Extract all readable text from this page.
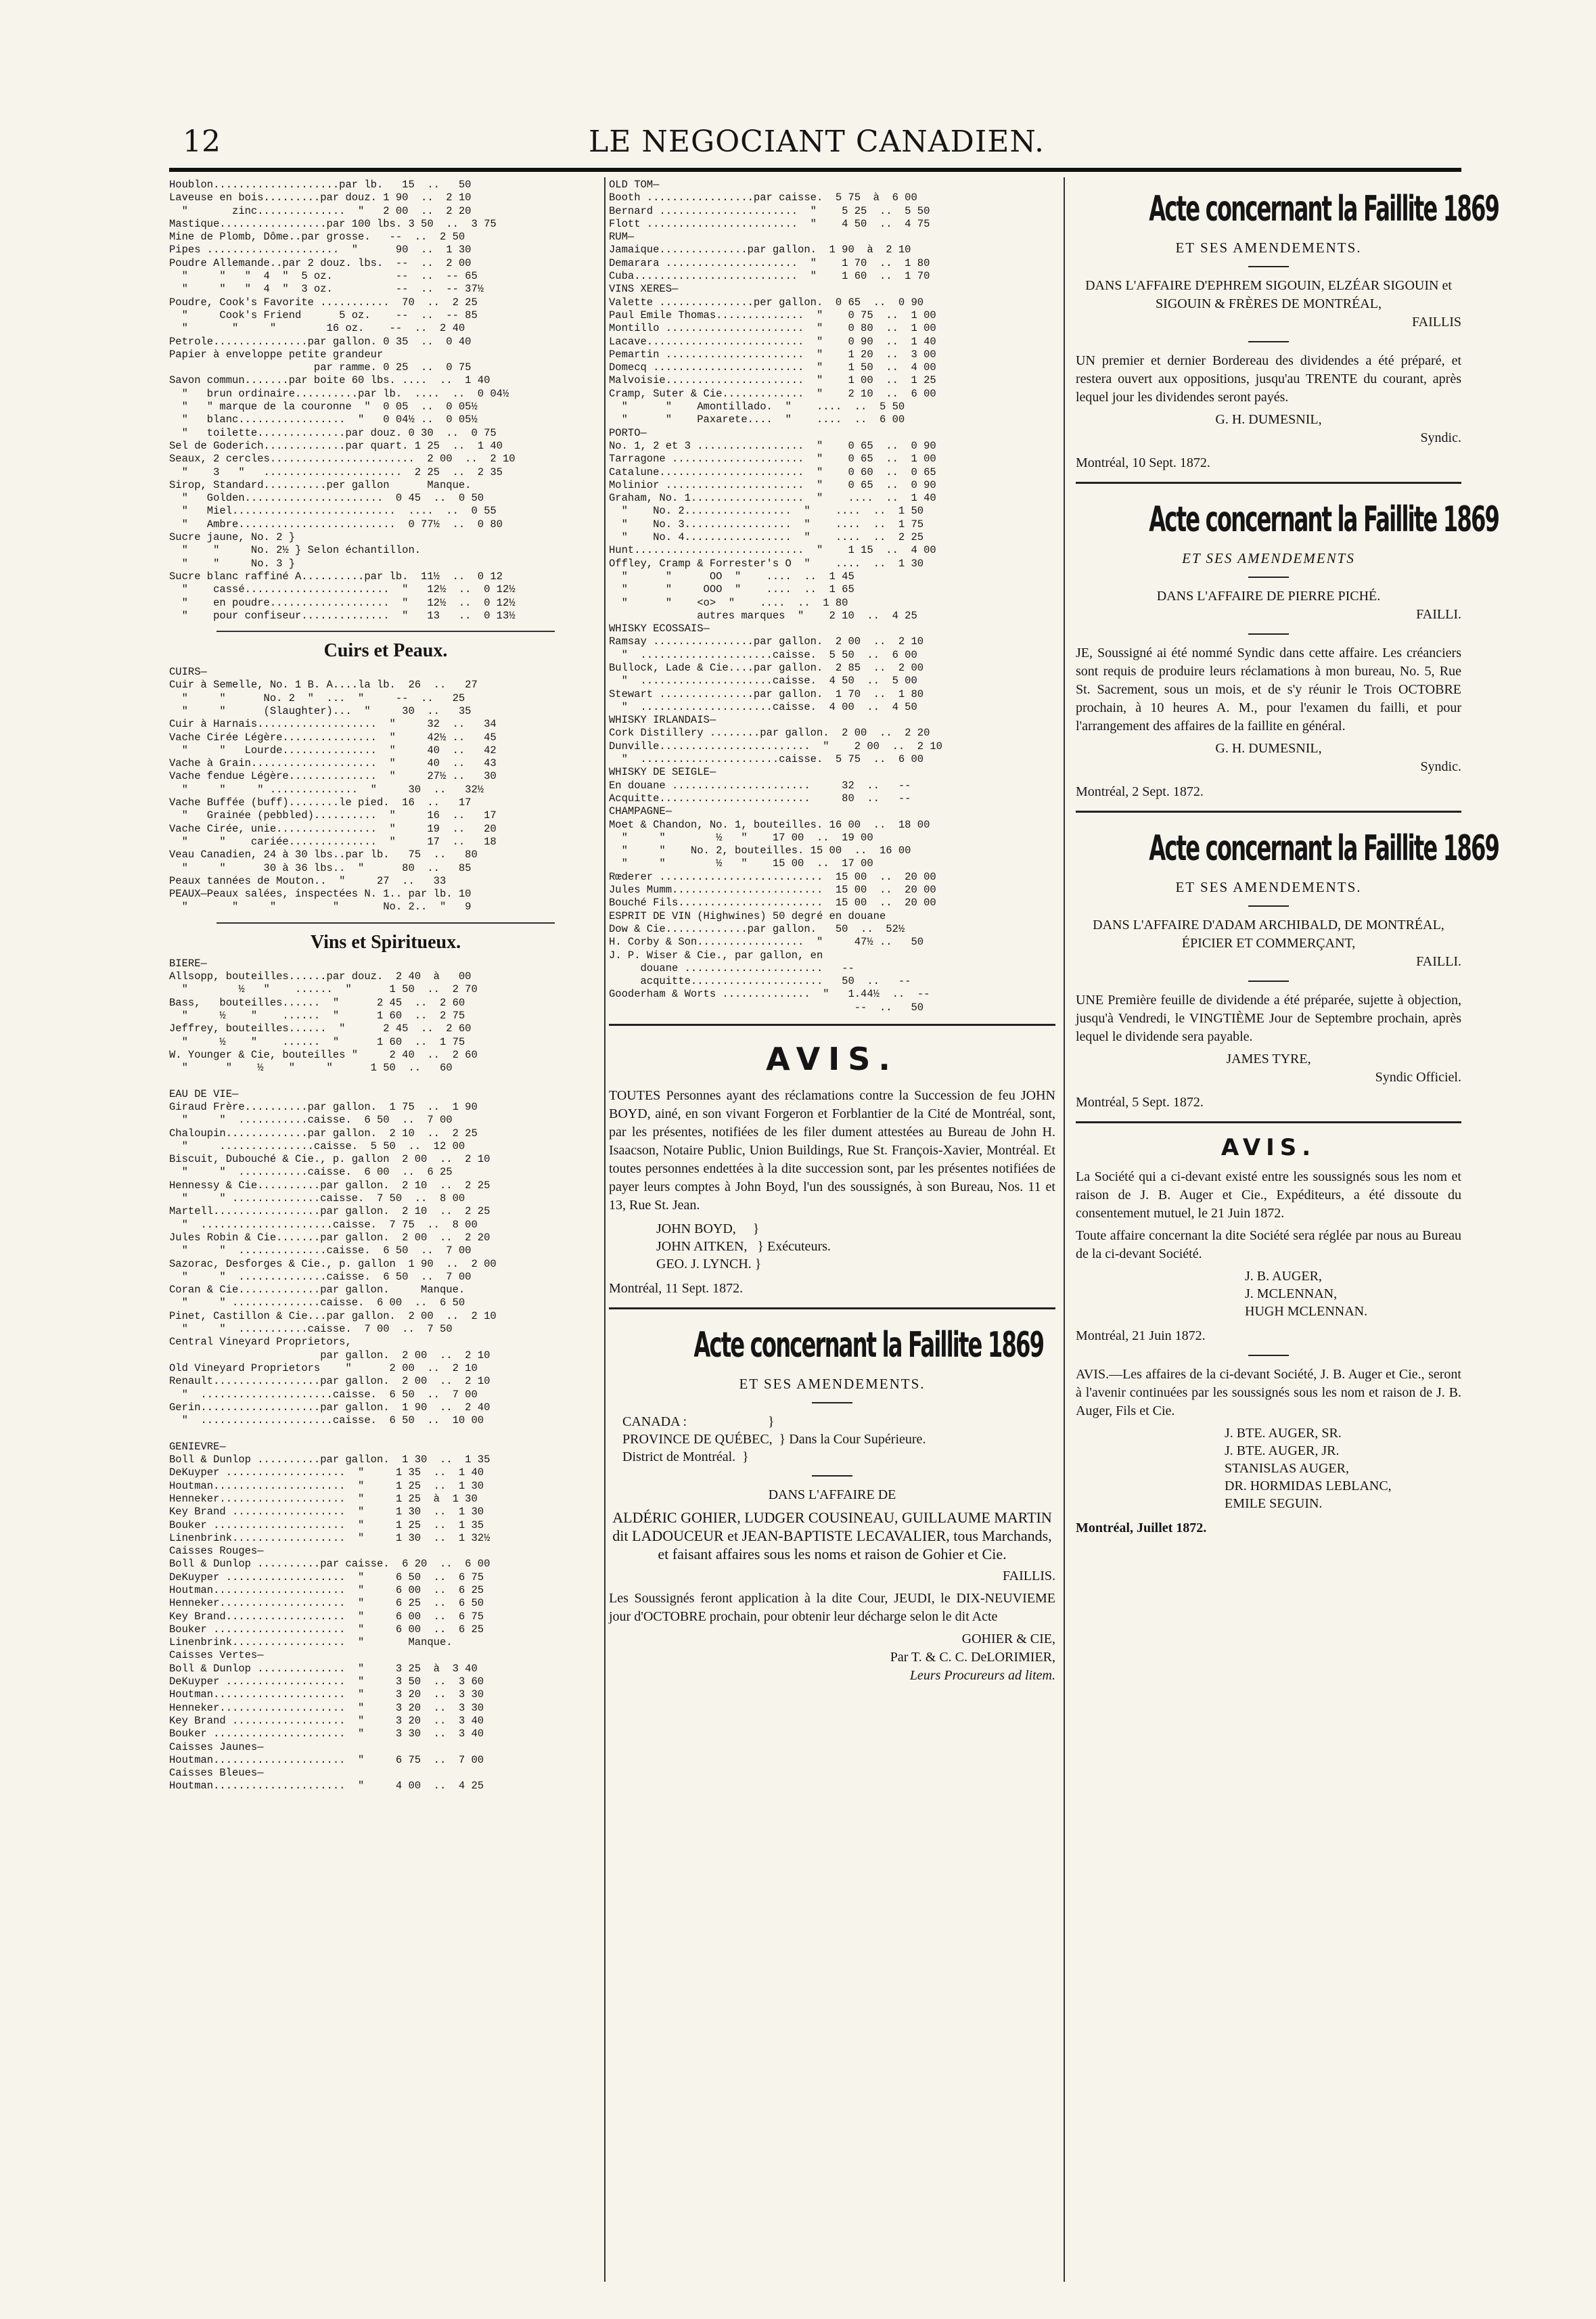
12	LE NEGOCIANT CANADIEN.
Houblon....................par lb.   15  ..   50
Laveuse en bois.........par douz. 1 90  ..  2 10
"       zinc..............  "   2 00  ..  2 20
Mastique.................par 100 lbs. 3 50  ..  3 75
Mine de Plomb, Dôme..par grosse.   --  ..  2 50
Pipes .....................  "      90  ..  1 30
Poudre Allemande..par 2 douz. lbs.  --  ..  2 00
"     "   "  4  "  5 oz.          --  ..  -- 65
"     "   "  4  "  3 oz.          --  ..  -- 37½
Poudre, Cook's Favorite ...........  70  ..  2 25
"     Cook's Friend      5 oz.    --  ..  -- 85
"       "     "        16 oz.    --  ..  2 40
Petrole...............par gallon. 0 35  ..  0 40
Papier à enveloppe petite grandeur
par ramme. 0 25  ..  0 75
Savon commun.......par boite 60 lbs. ....  ..  1 40
"   brun ordinaire..........par lb.  ....  ..  0 04½
"   " marque de la couronne  "  0 05  ..  0 05½
"   blanc.................  "   0 04½ ..  0 05½
"   toilette..............par douz. 0 30  ..  0 75
Sel de Goderich.............par quart. 1 25  ..  1 40
Seaux, 2 cercles.......................  2 00  ..  2 10
"    3   "   ......................  2 25  ..  2 35
Sirop, Standard..........per gallon      Manque.
"   Golden......................  0 45  ..  0 50
"   Miel..........................  ....  ..  0 55
"   Ambre.........................  0 77½  ..  0 80
Sucre jaune, No. 2 }
"    "     No. 2½ } Selon échantillon.
"    "     No. 3 }
Sucre blanc raffiné A..........par lb.  11½  ..  0 12
"    cassé.......................  "   12½  ..  0 12½
"    en poudre...................  "   12½  ..  0 12½
"    pour confiseur..............  "   13   ..  0 13½
Cuirs et Peaux.
CUIRS—
Cuir à Semelle, No. 1 B. A....la lb.  26  ..   27
"     "      No. 2  "  ...  "     --  ..   25
"     "      (Slaughter)...  "     30  ..   35
Cuir à Harnais...................  "     32  ..   34
Vache Cirée Légère...............  "     42½ ..   45
"     "   Lourde...............  "     40  ..   42
Vache à Grain....................  "     40  ..   43
Vache fendue Légère..............  "     27½ ..   30
"     "     " ..............  "     30  ..   32½
Vache Buffée (buff)........le pied.  16  ..   17
"   Grainée (pebbled)..........  "     16  ..   17
Vache Cirée, unie................  "     19  ..   20
"     "    cariée..............  "     17  ..   18
Veau Canadien, 24 à 30 lbs..par lb.   75  ..   80
"     "      30 à 36 lbs..  "      80  ..   85
Peaux tannées de Mouton..  "     27  ..   33
PEAUX—Peaux salées, inspectées N. 1.. par lb. 10
"       "     "         "       No. 2..  "   9
Vins et Spiritueux.
BIERE—
Allsopp, bouteilles......par douz.  2 40  à   00
"        ½   "    ......  "      1 50  ..  2 70
Bass,   bouteilles......  "      2 45  ..  2 60
"     ½    "    ......  "      1 60  ..  2 75
Jeffrey, bouteilles......  "      2 45  ..  2 60
"     ½    "    ......  "      1 60  ..  1 75
W. Younger & Cie, bouteilles "     2 40  ..  2 60
"      "    ½    "     "      1 50  ..   60

EAU DE VIE—
Giraud Frère..........par gallon.  1 75  ..  1 90
"     "  ...........caisse.  6 50  ..  7 00
Chaloupin.............par gallon.  2 10  ..  2 25
"     ...............caisse.  5 50  ..  12 00
Biscuit, Dubouché & Cie., p. gallon  2 00  ..  2 10
"     "  ...........caisse.  6 00  ..  6 25
Hennessy & Cie..........par gallon.  2 10  ..  2 25
"     " ..............caisse.  7 50  ..  8 00
Martell.................par gallon.  2 10  ..  2 25
"  .....................caisse.  7 75  ..  8 00
Jules Robin & Cie.......par gallon.  2 00  ..  2 20
"     "  ..............caisse.  6 50  ..  7 00
Sazorac, Desforges & Cie., p. gallon  1 90  ..  2 00
"     "  ..............caisse.  6 50  ..  7 00
Coran & Cie.............par gallon.     Manque.
"     " ..............caisse.  6 00  ..  6 50
Pinet, Castillon & Cie...par gallon.  2 00  ..  2 10
"     "  ...........caisse.  7 00  ..  7 50
Central Vineyard Proprietors,
par gallon.  2 00  ..  2 10
Old Vineyard Proprietors    "      2 00  ..  2 10
Renault.................par gallon.  2 00  ..  2 10
"  .....................caisse.  6 50  ..  7 00
Gerin...................par gallon.  1 90  ..  2 40
"  .....................caisse.  6 50  ..  10 00

GENIEVRE—
Boll & Dunlop ..........par gallon.  1 30  ..  1 35
DeKuyper ...................  "     1 35  ..  1 40
Houtman.....................  "     1 25  ..  1 30
Henneker....................  "     1 25  à  1 30
Key Brand ..................  "     1 30  ..  1 30
Bouker .....................  "     1 25  ..  1 35
Linenbrink..................  "     1 30  ..  1 32½
Caisses Rouges—
Boll & Dunlop ..........par caisse.  6 20  ..  6 00
DeKuyper ...................  "     6 50  ..  6 75
Houtman.....................  "     6 00  ..  6 25
Henneker....................  "     6 25  ..  6 50
Key Brand...................  "     6 00  ..  6 75
Bouker .....................  "     6 00  ..  6 25
Linenbrink..................  "       Manque.
Caisses Vertes—
Boll & Dunlop ..............  "     3 25  à  3 40
DeKuyper ...................  "     3 50  ..  3 60
Houtman.....................  "     3 20  ..  3 30
Henneker....................  "     3 20  ..  3 30
Key Brand ..................  "     3 20  ..  3 40
Bouker .....................  "     3 30  ..  3 40
Caisses Jaunes—
Houtman.....................  "     6 75  ..  7 00
Caisses Bleues—
Houtman.....................  "     4 00  ..  4 25
OLD TOM—
Booth .................par caisse.  5 75  à  6 00
Bernard ......................  "    5 25  ..  5 50
Flott ........................  "    4 50  ..  4 75
RUM—
Jamaique..............par gallon.  1 90  à  2 10
Demarara .....................  "    1 70  ..  1 80
Cuba..........................  "    1 60  ..  1 70
VINS XERES—
Valette ...............per gallon.  0 65  ..  0 90
Paul Emile Thomas..............  "    0 75  ..  1 00
Montillo ......................  "    0 80  ..  1 00
Lacave.........................  "    0 90  ..  1 40
Pemartin ......................  "    1 20  ..  3 00
Domecq ........................  "    1 50  ..  4 00
Malvoisie......................  "    1 00  ..  1 25
Cramp, Suter & Cie.............  "    2 10  ..  6 00
"      "    Amontillado.  "    ....  ..  5 50
"      "    Paxarete....  "    ....  ..  6 00
PORTO—
No. 1, 2 et 3 .................  "    0 65  ..  0 90
Tarragone .....................  "    0 65  ..  1 00
Catalune.......................  "    0 60  ..  0 65
Molinior ......................  "    0 65  ..  0 90
Graham, No. 1..................  "    ....  ..  1 40
"    No. 2.................  "    ....  ..  1 50
"    No. 3.................  "    ....  ..  1 75
"    No. 4.................  "    ....  ..  2 25
Hunt...........................  "    1 15  ..  4 00
Offley, Cramp & Forrester's O  "    ....  ..  1 30
"      "      OO  "    ....  ..  1 45
"      "     OOO  "    ....  ..  1 65
"      "    <o>  "    ....  ..  1 80
autres marques  "    2 10  ..  4 25
WHISKY ECOSSAIS—
Ramsay ................par gallon.  2 00  ..  2 10
"  .....................caisse.  5 50  ..  6 00
Bullock, Lade & Cie....par gallon.  2 85  ..  2 00
"  .....................caisse.  4 50  ..  5 00
Stewart ...............par gallon.  1 70  ..  1 80
"  .....................caisse.  4 00  ..  4 50
WHISKY IRLANDAIS—
Cork Distillery ........par gallon.  2 00  ..  2 20
Dunville........................  "    2 00  ..  2 10
"  ......................caisse.  5 75  ..  6 00
WHISKY DE SEIGLE—
En douane ......................     32  ..   --
Acquitte........................     80  ..   --
CHAMPAGNE—
Moet & Chandon, No. 1, bouteilles. 16 00  ..  18 00
"     "        ½   "    17 00  ..  19 00
"     "    No. 2, bouteilles. 15 00  ..  16 00
"     "        ½   "    15 00  ..  17 00
Rœderer ..........................  15 00  ..  20 00
Jules Mumm........................  15 00  ..  20 00
Bouché Fils.......................  15 00  ..  20 00
ESPRIT DE VIN (Highwines) 50 degré en douane
Dow & Cie.............par gallon.   50  ..  52½
H. Corby & Son.................  "     47½ ..   50
J. P. Wiser & Cie., par gallon, en
douane ......................   --
acquitte.....................   50  ..   --
Gooderham & Worts ..............  "   1.44½  ..  --
--  ..   50
AVIS.
TOUTES Personnes ayant des réclamations contre la Succession de feu JOHN BOYD, ainé, en son vivant Forgeron et Forblantier de la Cité de Montréal, sont, par les présentes, notifiées de les filer dument attestées au Bureau de John H. Isaacson, Notaire Public, Union Buildings, Rue St. François-Xavier, Montréal. Et toutes personnes endettées à la dite succession sont, par les présentes notifiées de payer leurs comptes à John Boyd, l'un des soussignés, à son Bureau, Nos. 11 et 13, Rue St. Jean.
JOHN BOYD,     }
JOHN AITKEN,   } Exécuteurs.
GEO. J. LYNCH. }
Montréal, 11 Sept. 1872.
Acte concernant la Faillite 1869
ET SES AMENDEMENTS.
CANADA :                        }
PROVINCE DE QUÉBEC,  } Dans la Cour Supérieure.
District de Montréal.  }
DANS L'AFFAIRE DE
ALDÉRIC GOHIER, LUDGER COUSINEAU, GUILLAUME MARTIN dit LADOUCEUR et JEAN-BAPTISTE LECAVALIER, tous Marchands, et faisant affaires sous les noms et raison de Gohier et Cie.
FAILLIS.
Les Soussignés feront application à la dite Cour, JEUDI, le DIX-NEUVIEME jour d'OCTOBRE prochain, pour obtenir leur décharge selon le dit Acte
GOHIER & CIE,
Par T. & C. C. DeLORIMIER,
Leurs Procureurs ad litem.
Acte concernant la Faillite 1869
ET SES AMENDEMENTS.
DANS L'AFFAIRE D'EPHREM SIGOUIN, ELZÉAR SIGOUIN et SIGOUIN & FRÈRES DE MONTRÉAL,
FAILLIS
UN premier et dernier Bordereau des dividendes a été préparé, et restera ouvert aux oppositions, jusqu'au TRENTE du courant, après lequel jour les dividendes seront payés.
G. H. DUMESNIL,
Syndic.
Montréal, 10 Sept. 1872.
Acte concernant la Faillite 1869
ET SES AMENDEMENTS
DANS L'AFFAIRE DE PIERRE PICHÉ.
FAILLI.
JE, Soussigné ai été nommé Syndic dans cette affaire. Les créanciers sont requis de produire leurs réclamations à mon bureau, No. 5, Rue St. Sacrement, sous un mois, et de s'y réunir le Trois OCTOBRE prochain, à 10 heures A. M., pour l'examen du failli, et pour l'arrangement des affaires de la faillite en général.
G. H. DUMESNIL,
Syndic.
Montréal, 2 Sept. 1872.
Acte concernant la Faillite 1869
ET SES AMENDEMENTS.
DANS L'AFFAIRE D'ADAM ARCHIBALD, DE MONTRÉAL, ÉPICIER ET COMMERÇANT,
FAILLI.
UNE Première feuille de dividende a été préparée, sujette à objection, jusqu'à Vendredi, le VINGTIÈME Jour de Septembre prochain, après lequel le dividende sera payable.
JAMES TYRE,
Syndic Officiel.
Montréal, 5 Sept. 1872.
AVIS.
La Société qui a ci-devant existé entre les soussignés sous les nom et raison de J. B. Auger et Cie., Expéditeurs, a été dissoute du consentement mutuel, le 21 Juin 1872.
Toute affaire concernant la dite Société sera réglée par nous au Bureau de la ci-devant Société.
J. B. AUGER,
J. MCLENNAN,
HUGH MCLENNAN.
Montréal, 21 Juin 1872.
AVIS.—Les affaires de la ci-devant Société, J. B. Auger et Cie., seront à l'avenir continuées par les soussignés sous les nom et raison de J. B. Auger, Fils et Cie.
J. BTE. AUGER, SR.
J. BTE. AUGER, JR.
STANISLAS AUGER,
DR. HORMIDAS LEBLANC,
EMILE SEGUIN.
Montréal, Juillet 1872.
